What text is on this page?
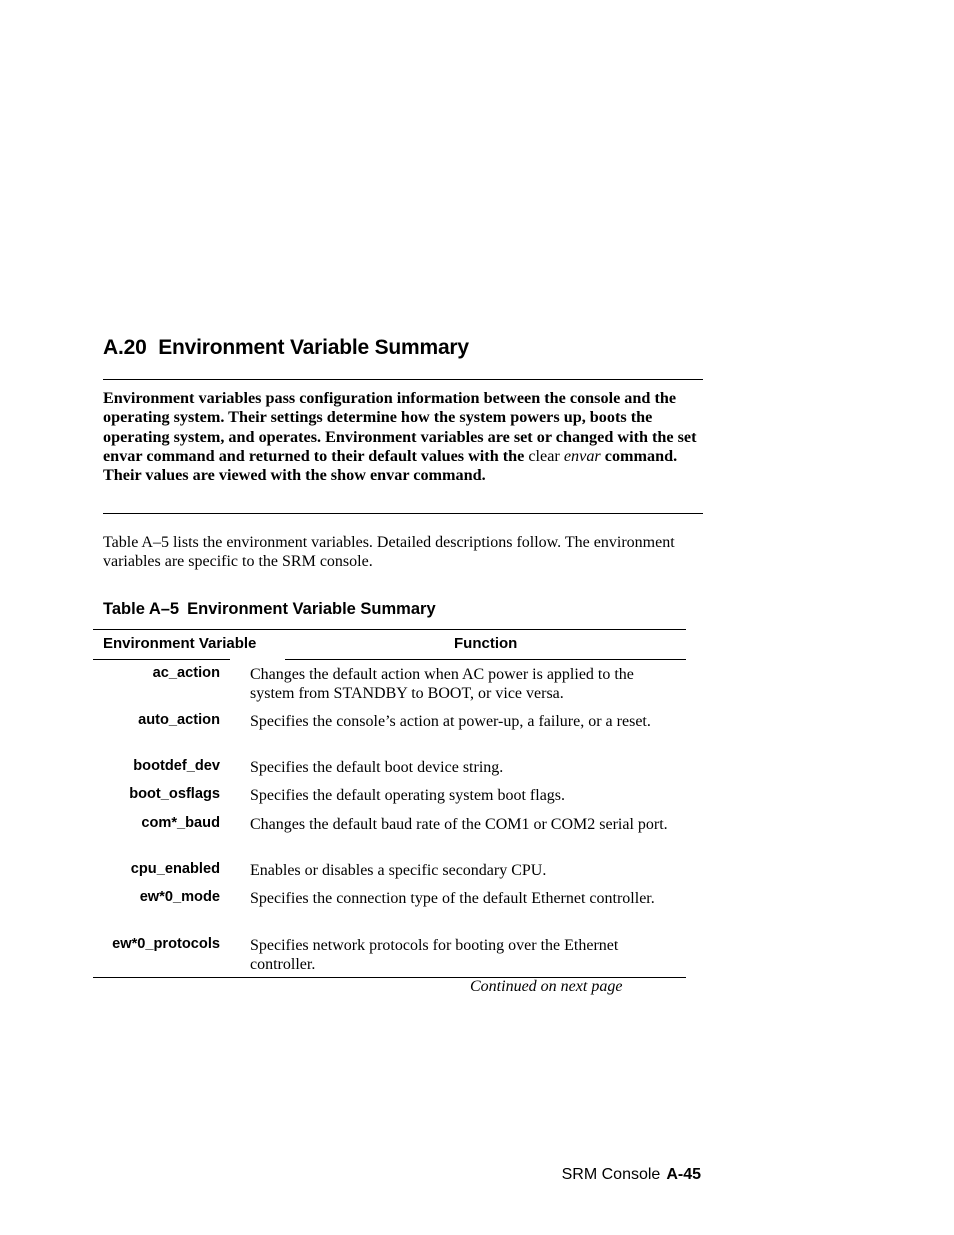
A.20 Environment Variable Summary
Environment variables pass configuration information between the console and the operating system. Their settings determine how the system powers up, boots the operating system, and operates. Environment variables are set or changed with the set envar command and returned to their default values with the clear envar command. Their values are viewed with the show envar command.
Table A–5 lists the environment variables. Detailed descriptions follow. The environment variables are specific to the SRM console.
Table A–5 Environment Variable Summary
Environment Variable	Function
ac_action Changes the default action when AC power is applied to the system from STANDBY to BOOT, or vice versa.
auto_action Specifies the console’s action at power-up, a failure, or a reset.
bootdef_dev Specifies the default boot device string.
boot_osflags Specifies the default operating system boot flags.
com*_baud Changes the default baud rate of the COM1 or COM2 serial port.
cpu_enabled Enables or disables a specific secondary CPU.
ew*0_mode Specifies the connection type of the default Ethernet controller.
ew*0_protocols Specifies network protocols for booting over the Ethernet controller.
Continued on next page
SRM Console A-45
